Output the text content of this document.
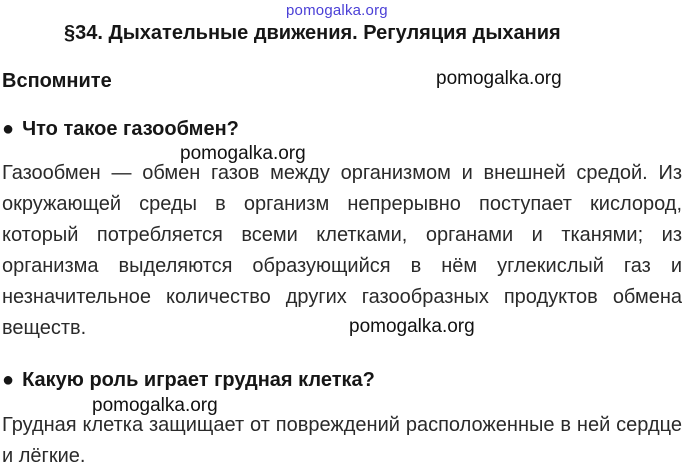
pomogalka.org
§34. Дыхательные движения. Регуляция дыхания
Вспомните
● Что такое газообмен?
Газообмен — обмен газов между организмом и внешней средой. Из окружающей среды в организм непрерывно поступает кислород, который потребляется всеми клетками, органами и тканями; из организма выделяются образующийся в нём углекислый газ и незначительное количество других газообразных продуктов обмена веществ.
● Какую роль играет грудная клетка?
Грудная клетка защищает от повреждений расположенные в ней сердце и лёгкие.
pomogalka.org
pomogalka.org
pomogalka.org
pomogalka.org
